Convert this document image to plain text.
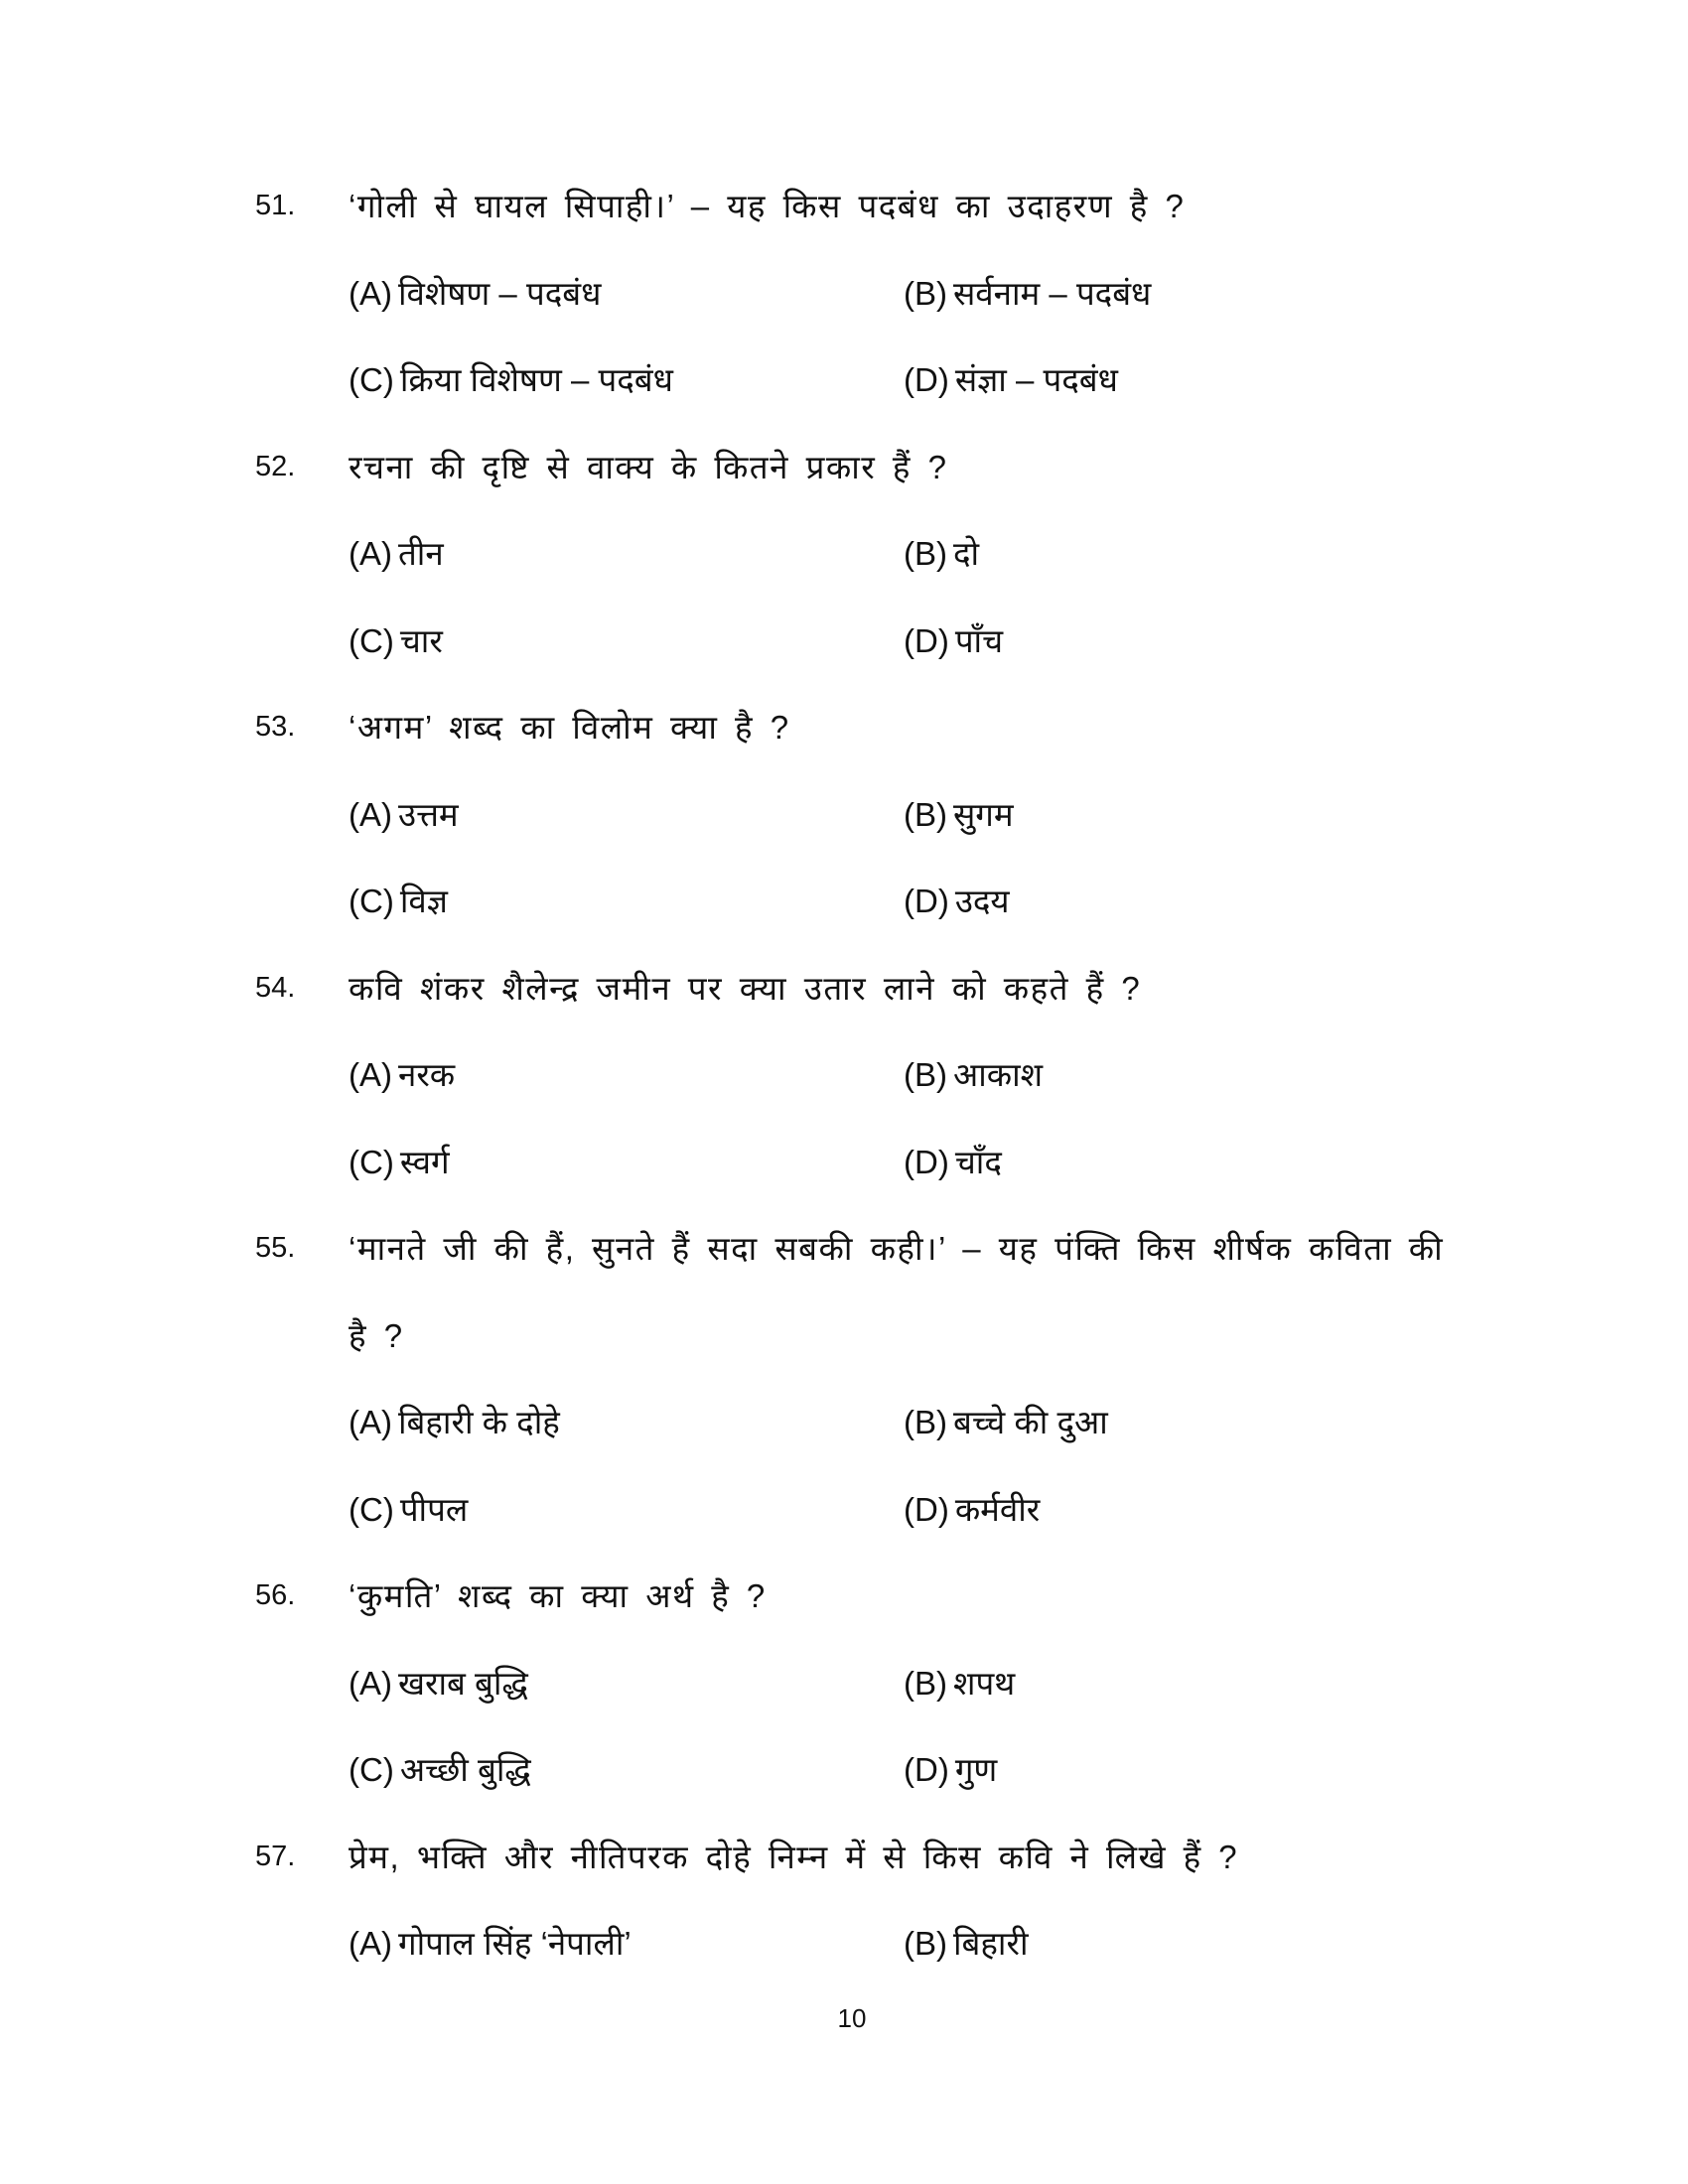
51.	‘गोली से घायल सिपाही।’ – यह किस पदबंध का उदाहरण है ?
(A) विशेषण – पदबंध	(B) सर्वनाम – पदबंध
(C) क्रिया विशेषण – पदबंध	(D) संज्ञा – पदबंध
52.	रचना की दृष्टि से वाक्य के कितने प्रकार हैं ?
(A) तीन	(B) दो
(C) चार	(D) पाँच
53.	‘अगम’ शब्द का विलोम क्या है ?
(A) उत्तम	(B) सुगम
(C) विज्ञ	(D) उदय
54.	कवि शंकर शैलेन्द्र जमीन पर क्या उतार लाने को कहते हैं ?
(A) नरक	(B) आकाश
(C) स्वर्ग	(D) चाँद
55.	‘मानते जी की हैं, सुनते हैं सदा सबकी कही।’ – यह पंक्ति किस शीर्षक कविता की है ?
(A) बिहारी के दोहे	(B) बच्चे की दुआ
(C) पीपल	(D) कर्मवीर
56.	‘कुमति’ शब्द का क्या अर्थ है ?
(A) खराब बुद्धि	(B) शपथ
(C) अच्छी बुद्धि	(D) गुण
57.	प्रेम, भक्ति और नीतिपरक दोहे निम्न में से किस कवि ने लिखे हैं ?
(A) गोपाल सिंह ‘नेपाली’	(B) बिहारी
10
